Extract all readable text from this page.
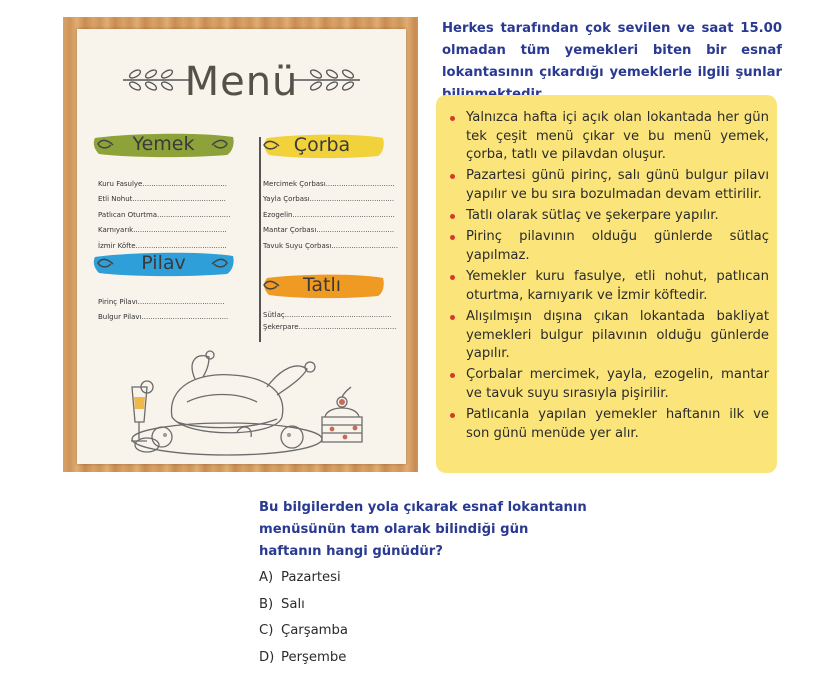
Menü
Yemek
Kuru Fasulye......................................
Etli Nohut..........................................
Patlıcan Oturtma.................................
Karnıyarık..........................................
İzmir Köfte.........................................
Çorba
Mercimek Çorbası...............................
Yayla Çorbası......................................
Ezogelin..............................................
Mantar Çorbası...................................
Tavuk Suyu Çorbası..............................
Pilav
Pirinç Pilavı.......................................
Bulgur Pilavı.......................................
Tatlı
Sütlaç................................................
Şekerpare............................................
Herkes tarafından çok sevilen ve saat 15.00 olmadan tüm yemekleri biten bir esnaf lokantasının çıkardığı yemeklerle ilgili şunlar
Yalnızca hafta içi açık olan lokantada her gün tek çeşit menü çıkar ve bu menü yemek, çorba, tatlı ve pilavdan oluşur.
Pazartesi günü pirinç, salı günü bulgur pilavı yapılır ve bu sıra bozulmadan devam ettirilir.
Tatlı olarak sütlaç ve şekerpare yapılır.
Pirinç pilavının olduğu günlerde sütlaç yapılmaz.
Yemekler kuru fasulye, etli nohut, patlıcan oturtma, karnıyarık ve İzmir köftedir.
Alışılmışın dışına çıkan lokantada bakliyat yemekleri bulgur pilavının olduğu günlerde yapılır.
Çorbalar mercimek, yayla, ezogelin, mantar ve tavuk suyu sırasıyla pişirilir.
Patlıcanla yapılan yemekler haftanın ilk ve son günü menüde yer alır.
Bu bilgilerden yola çıkarak esnaf lokantanın menüsünün tam olarak bilindiği gün haftanın hangi günüdür?
A) Pazartesi
B) Salı
C) Çarşamba
D) Perşembe
